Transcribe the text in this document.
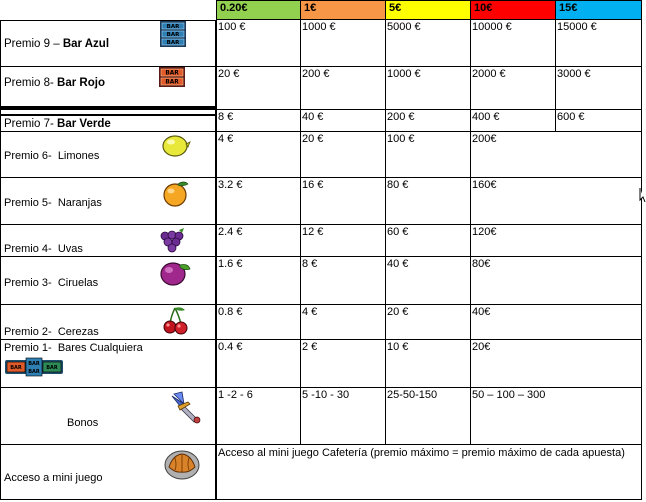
0.20€	1€	5€	10€	15€
Premio 9 – Bar Azul
BAR
BAR
BAR
100 €	1000 €	5000 €	10000 €	15000 €
Premio 8- Bar Rojo
BAR
BAR
20 €	200 €	1000 €	2000 €	3000 €
Premio 7- Bar Verde
8 €	40 €	200 €	400 €	600 €
Premio 6-  Limones
4 €	20 €	100 €	200€
Premio 5-  Naranjas
3.2 €	16 €	80 €	160€
Premio 4-  Uvas
2.4 €	12 €	60 €	120€
Premio 3-  Ciruelas
1.6 €	8 €	40 €	80€
Premio 2-  Cerezas
0.8 €	4 €	20 €	40€
Premio 1-  Bares Cualquiera
BAR
BAR
BAR	BAR
0.4 €	2 €	10 €	20€
Bonos
1 -2 - 6	5 -10 - 30	25-50-150	50 – 100 – 300
Acceso a mini juego
Acceso al mini juego Cafetería (premio máximo = premio máximo de cada apuesta)
